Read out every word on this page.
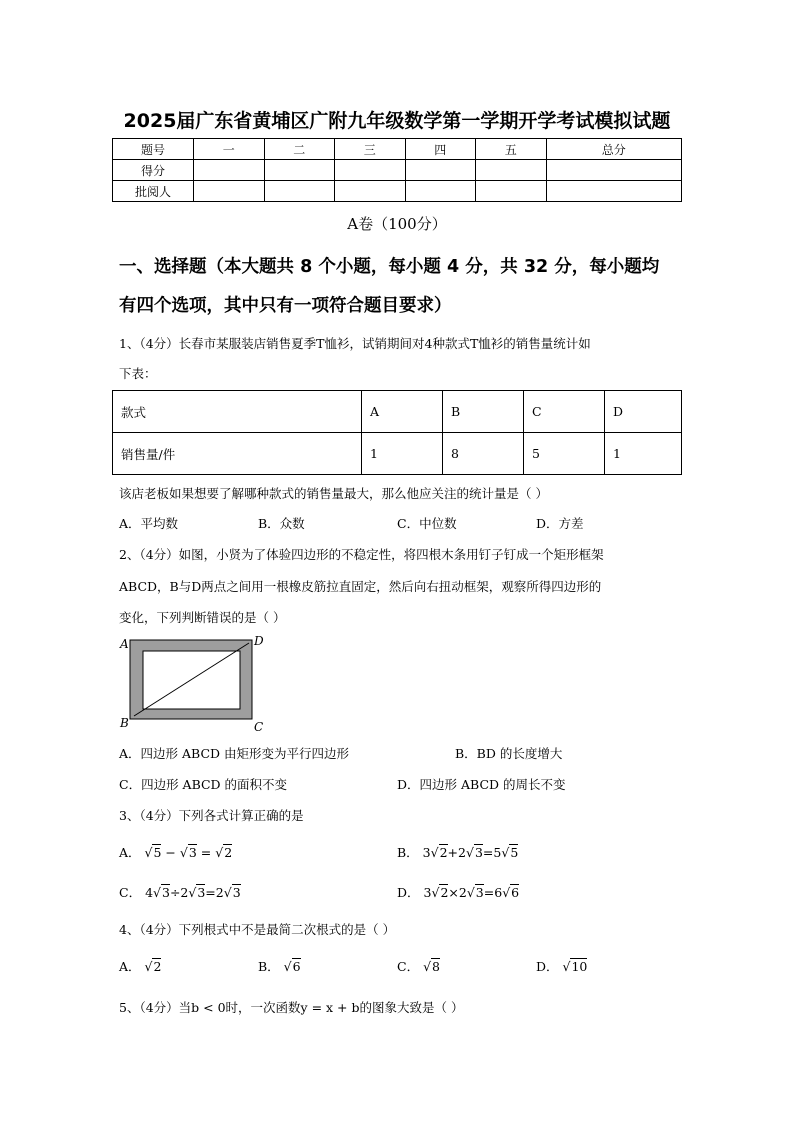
2025届广东省黄埔区广附九年级数学第一学期开学考试模拟试题
题号	一	二	三	四	五	总分
得分						
批阅人						
A卷（100分）
一、选择题（本大题共 8 个小题，每小题 4 分，共 32 分，每小题均
有四个选项，其中只有一项符合题目要求）
1、（4分）长春市某服装店销售夏季T恤衫，试销期间对4种款式T恤衫的销售量统计如
下表：
款式	A	B	C	D
销售量/件	1	8	5	1
该店老板如果想要了解哪种款式的销售量最大，那么他应关注的统计量是（ ）
A．平均数	B．众数	C．中位数	D．方差
2、（4分）如图，小贤为了体验四边形的不稳定性，将四根木条用钉子钉成一个矩形框架
ABCD，B与D两点之间用一根橡皮筋拉直固定，然后向右扭动框架，观察所得四边形的
变化，下列判断错误的是（ ）
A	D
B	C
A．四边形 ABCD 由矩形变为平行四边形	B．BD 的长度增大
C．四边形 ABCD 的面积不变	D．四边形 ABCD 的周长不变
3、（4分）下列各式计算正确的是
A． √5 − √3 = √2	B． 3√2+2√3=5√5
C． 4√3÷2√3=2√3	D． 3√2×2√3=6√6
4、（4分）下列根式中不是最简二次根式的是（ ）
A． √2	B． √6	C． √8	D． √10
5、（4分）当b < 0时，一次函数y = x + b的图象大致是（ ）
